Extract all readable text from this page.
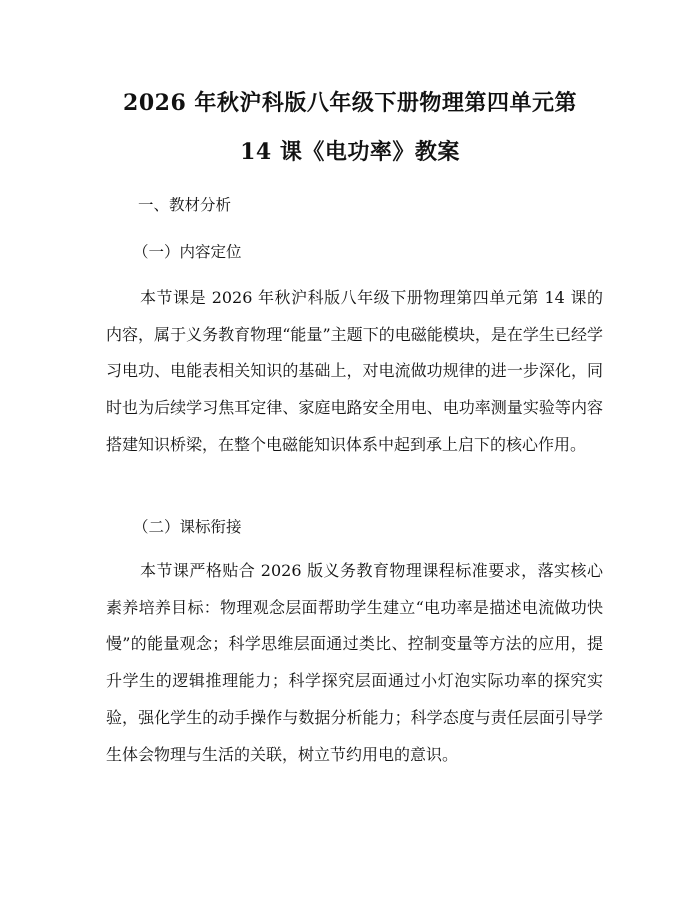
2026 年秋沪科版八年级下册物理第四单元第
14 课《电功率》教案
一、教材分析
（一）内容定位

本节课是 2026 年秋沪科版八年级下册物理第四单元第 14 课的内容，属于义务教育物理“能量”主题下的电磁能模块，是在学生已经学习电功、电能表相关知识的基础上，对电流做功规律的进一步深化，同时也为后续学习焦耳定律、家庭电路安全用电、电功率测量实验等内容搭建知识桥梁，在整个电磁能知识体系中起到承上启下的核心作用。

（二）课标衔接

本节课严格贴合 2026 版义务教育物理课程标准要求，落实核心素养培养目标：物理观念层面帮助学生建立“电功率是描述电流做功快慢”的能量观念；科学思维层面通过类比、控制变量等方法的应用，提升学生的逻辑推理能力；科学探究层面通过小灯泡实际功率的探究实验，强化学生的动手操作与数据分析能力；科学态度与责任层面引导学生体会物理与生活的关联，树立节约用电的意识。
